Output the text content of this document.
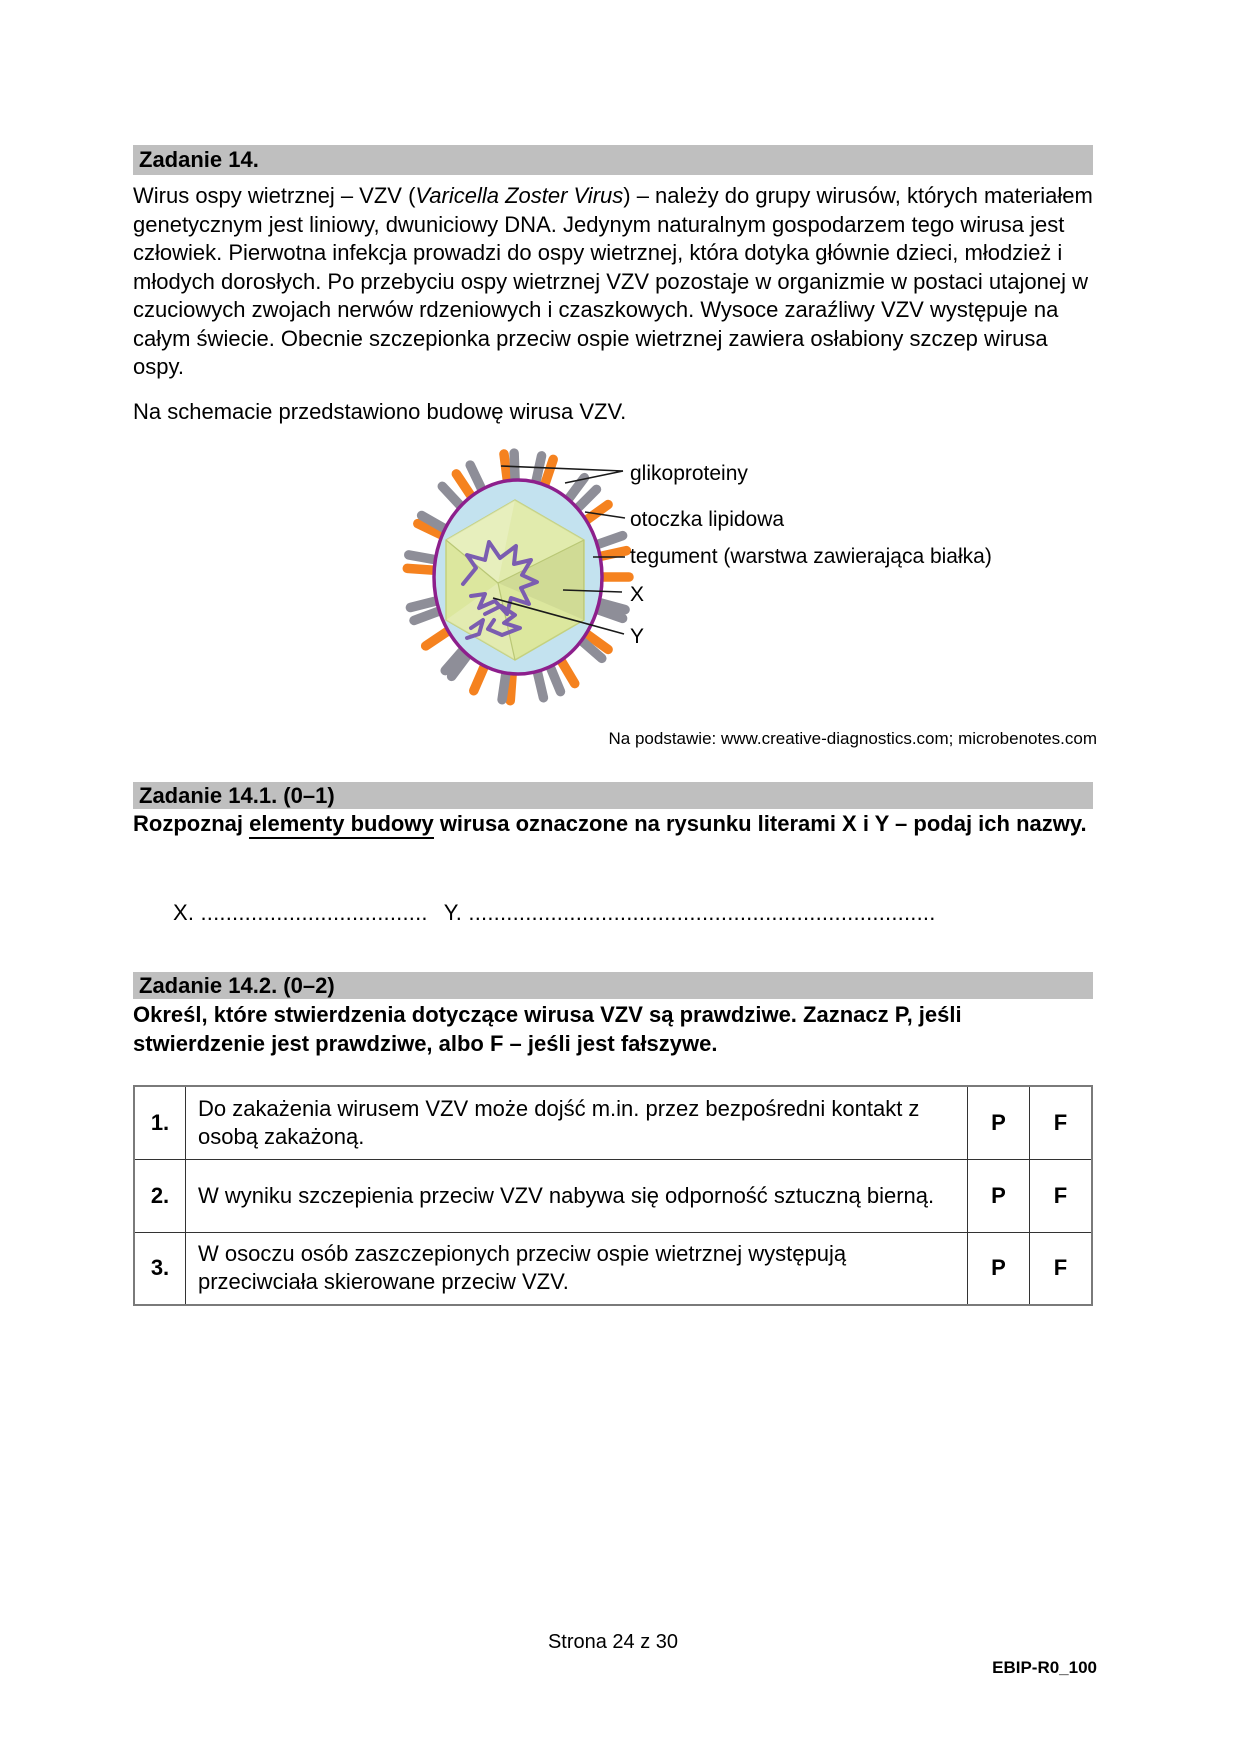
Zadanie 14.
Wirus ospy wietrznej – VZV (Varicella Zoster Virus) – należy do grupy wirusów, których materiałem genetycznym jest liniowy, dwuniciowy DNA. Jedynym naturalnym gospodarzem tego wirusa jest człowiek. Pierwotna infekcja prowadzi do ospy wietrznej, która dotyka głównie dzieci, młodzież i młodych dorosłych. Po przebyciu ospy wietrznej VZV pozostaje w organizmie w postaci utajonej w czuciowych zwojach nerwów rdzeniowych i czaszkowych. Wysoce zaraźliwy VZV występuje na całym świecie. Obecnie szczepionka przeciw ospie wietrznej zawiera osłabiony szczep wirusa ospy.
Na schemacie przedstawiono budowę wirusa VZV.
glikoproteiny
otoczka lipidowa
tegument (warstwa zawierająca białka)
X
Y
Na podstawie: www.creative-diagnostics.com; microbenotes.com
Zadanie 14.1. (0–1)
Rozpoznaj elementy budowy wirusa oznaczone na rysunku literami X i Y – podaj ich nazwy.
X. .................................... Y. ..........................................................................
Zadanie 14.2. (0–2)
Określ, które stwierdzenia dotyczące wirusa VZV są prawdziwe. Zaznacz P, jeśli stwierdzenie jest prawdziwe, albo F – jeśli jest fałszywe.
1.	Do zakażenia wirusem VZV może dojść m.in. przez bezpośredni kontakt z osobą zakażoną.	P	F
2.	W wyniku szczepienia przeciw VZV nabywa się odporność sztuczną bierną.	P	F
3.	W osoczu osób zaszczepionych przeciw ospie wietrznej występują przeciwciała skierowane przeciw VZV.	P	F
Strona 24 z 30
EBIP-R0_100
